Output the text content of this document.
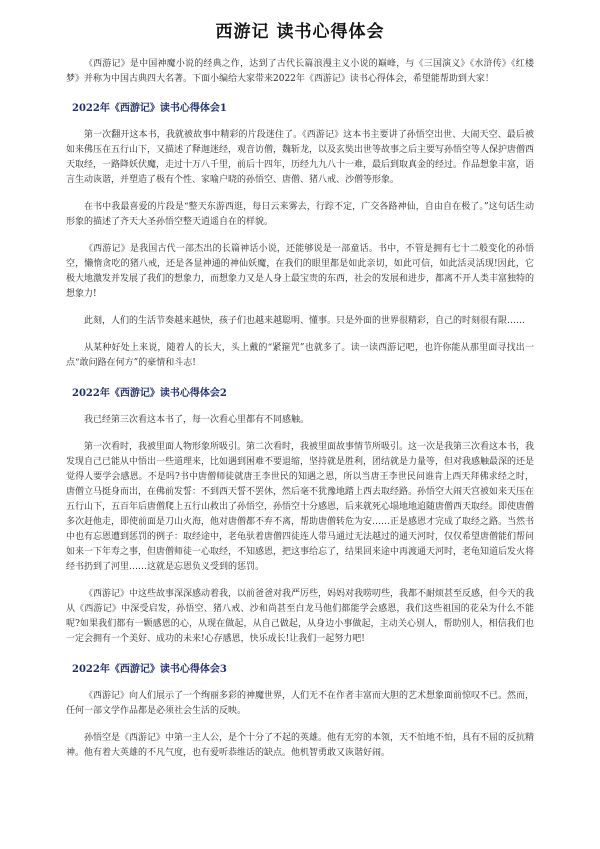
西游记 读书心得体会

《西游记》是中国神魔小说的经典之作，达到了古代长篇浪漫主义小说的巅峰，与《三国演义》《水浒传》《红楼梦》并称为中国古典四大名著。下面小编给大家带来2022年《西游记》读书心得体会，希望能帮助到大家！

2022年《西游记》读书心得体会1

第一次翻开这本书，我就被故事中精彩的片段迷住了。《西游记》这本书主要讲了孙悟空出世、大闹天空、最后被如来佛压在五行山下，又描述了释迦迷经，观音访僧，魏斩龙，以及玄奘出世等故事之后主要写孙悟空等人保护唐僧西天取经，一路降妖伏魔，走过十万八千里，前后十四年，历经九九八十一难，最后到取真金的经过。作品想象丰富，语言生动诙谐，并塑造了极有个性、家喻户晓的孙悟空、唐僧、猪八戒、沙僧等形象。

在书中我最喜爱的片段是“整天东游西逛，每日云来雾去，行踪不定，广交各路神仙，自由自在极了。”这句话生动形象的描述了齐天大圣孙悟空整天逍遥自在的样貌。

《西游记》是我国古代一部杰出的长篇神话小说，还能够说是一部童话。书中，不管是拥有七十二般变化的孙悟空，懒惰贪吃的猪八戒，还是各显神通的神仙妖魔，在我们的眼里都是如此亲切，如此可信，如此活灵活现!因此，它极大地激发并发展了我们的想象力，而想象力又是人身上最宝贵的东西，社会的发展和进步，都离不开人类丰富独特的想象力!

此刻，人们的生活节奏越来越快，孩子们也越来越聪明、懂事。只是外面的世界很精彩，自己的时刻很有限……

从某种好处上来说，随着人的长大，头上戴的“紧箍咒”也就多了。读一读西游记吧，也许你能从那里面寻找出一点“敢问路在何方”的豪情和斗志!

2022年《西游记》读书心得体会2

我已经第三次看这本书了，每一次看心里都有不同感触。

第一次看时，我被里面人物形象所吸引。第二次看时，我被里面故事情节所吸引。这一次是我第三次看这本书，我发现自己已能从中悟出一些道理来，比如遇到困难不要退缩，坚持就是胜利，团结就是力量等，但对我感触最深的还是觉得人要学会感恩。不是吗?书中唐僧师徒就唐王李世民的知遇之恩，所以当唐王李世民问谁肯上西天拜佛求经之时，唐僧立马挺身而出，在佛前发誓：不到西天誓不罢休，然后毫不犹豫地踏上西去取经路。孙悟空大闹天宫被如来天压在五行山下，五百年后唐僧爬上五行山救出了孙悟空，孙悟空十分感恩，后来就死心塌地地追随唐僧西天取经。即使唐僧多次赶他走，即使前面是刀山火海，他对唐僧都不弃不离，帮助唐僧转危为安……正是感恩才完成了取经之路。当然书中也有忘恩遭到惩罚的例子：取经途中，老龟驮着唐僧四徒连人带马通过无法越过的通天河时，仅仅希望唐僧能们帮问如来一下年寿之事，但唐僧师徒一心取经，不知感恩，把这事给忘了，结果回来途中再渡通天河时，老龟知道后发火将经书扔到了河里……这就是忘恩负义受到的惩罚。

《西游记》中这些故事深深感动着我，以前爸爸对我严厉些，妈妈对我唠叨些，我都不耐烦甚至反感，但今天的我从《西游记》中深受启发，孙悟空、猪八戒、沙和尚甚至白龙马他们都能学会感恩，我们这些祖国的花朵为什么不能呢?如果我们都有一颗感恩的心，从现在做起，从自己做起，从身边小事做起，主动关心别人，帮助别人，相信我们也一定会拥有一个美好、成功的未来!心存感恩，快乐成长!让我们一起努力吧!

2022年《西游记》读书心得体会3

《西游记》向人们展示了一个绚丽多彩的神魔世界，人们无不在作者丰富而大胆的艺术想象面前惊叹不已。然而，任何一部文学作品都是必须社会生活的反映。

孙悟空是《西游记》中第一主人公，是个十分了不起的英雄。他有无穷的本领，天不怕地不怕，具有不屈的反抗精神。他有着大英雄的不凡气度，也有爱听恭维话的缺点。他机智勇敢又诙谐好闹。
